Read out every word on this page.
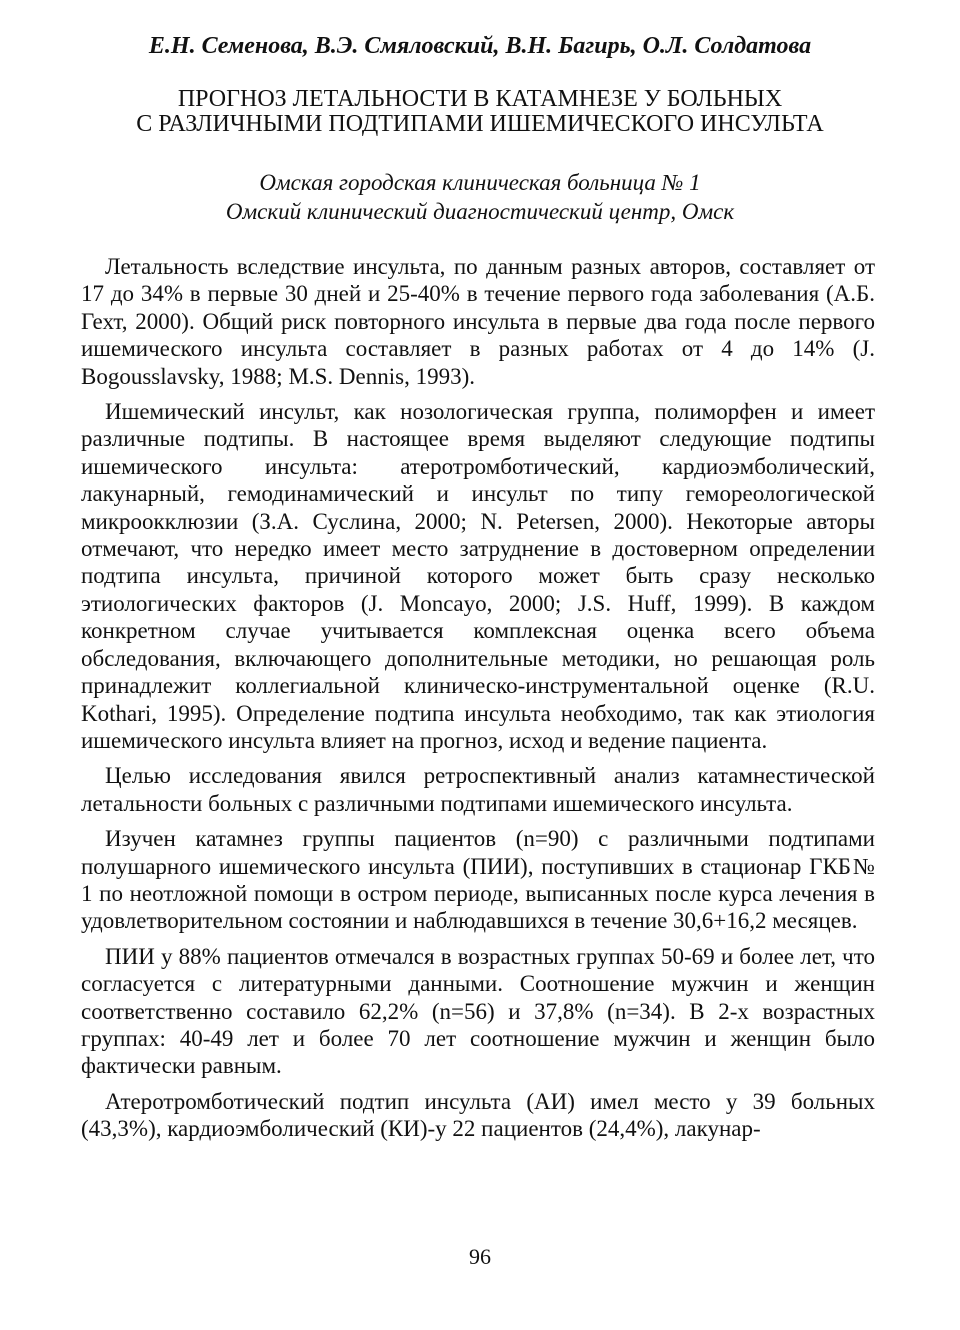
Е.Н. Семенова, В.Э. Смяловский, В.Н. Багирь, О.Л. Солдатова

ПРОГНОЗ ЛЕТАЛЬНОСТИ В КАТАМНЕЗЕ У БОЛЬНЫХ
С РАЗЛИЧНЫМИ ПОДТИПАМИ ИШЕМИЧЕСКОГО ИНСУЛЬТА
Омская городская клиническая больница № 1
Омский клинический диагностический центр, Омск

Летальность вследствие инсульта, по данным разных авторов, составляет от 17 до 34% в первые 30 дней и 25-40% в течение первого года заболевания (А.Б. Гехт, 2000). Общий риск повторного инсульта в первые два года после первого ишемического инсульта составляет в разных работах от 4 до 14% (J. Bogousslavsky, 1988; M.S. Dennis, 1993).

Ишемический инсульт, как нозологическая группа, полиморфен и имеет различные подтипы. В настоящее время выделяют следующие подтипы ишемического инсульта: атеротромботический, кардиоэмболический, лакунарный, гемодинамический и инсульт по типу гемореологической микроокклюзии (З.А. Суслина, 2000; N. Petersen, 2000). Некоторые авторы отмечают, что нередко имеет место затруднение в достоверном определении подтипа инсульта, причиной которого может быть сразу несколько этиологических факторов (J. Moncayo, 2000; J.S. Huff, 1999). В каждом конкретном случае учитывается комплексная оценка всего объема обследования, включающего дополнительные методики, но решающая роль принадлежит коллегиальной клиническо-инструментальной оценке (R.U. Kothari, 1995). Определение подтипа инсульта необходимо, так как этиология ишемического инсульта влияет на прогноз, исход и ведение пациента.

Целью исследования явился ретроспективный анализ катамнестической летальности больных с различными подтипами ишемического инсульта.

Изучен катамнез группы пациентов (n=90) с различными подтипами полушарного ишемического инсульта (ПИИ), поступивших в стационар ГКБ№ 1 по неотложной помощи в остром периоде, выписанных после курса лечения в удовлетворительном состоянии и наблюдавшихся в течение 30,6+16,2 месяцев.

ПИИ у 88% пациентов отмечался в возрастных группах 50-69 и более лет, что согласуется с литературными данными. Соотношение мужчин и женщин соответственно составило 62,2% (n=56) и 37,8% (n=34). В 2-х возрастных группах: 40-49 лет и более 70 лет соотношение мужчин и женщин было фактически равным.

Атеротромботический подтип инсульта (АИ) имел место у 39 больных (43,3%), кардиоэмболический (КИ)-у 22 пациентов (24,4%), лакунар-

96
